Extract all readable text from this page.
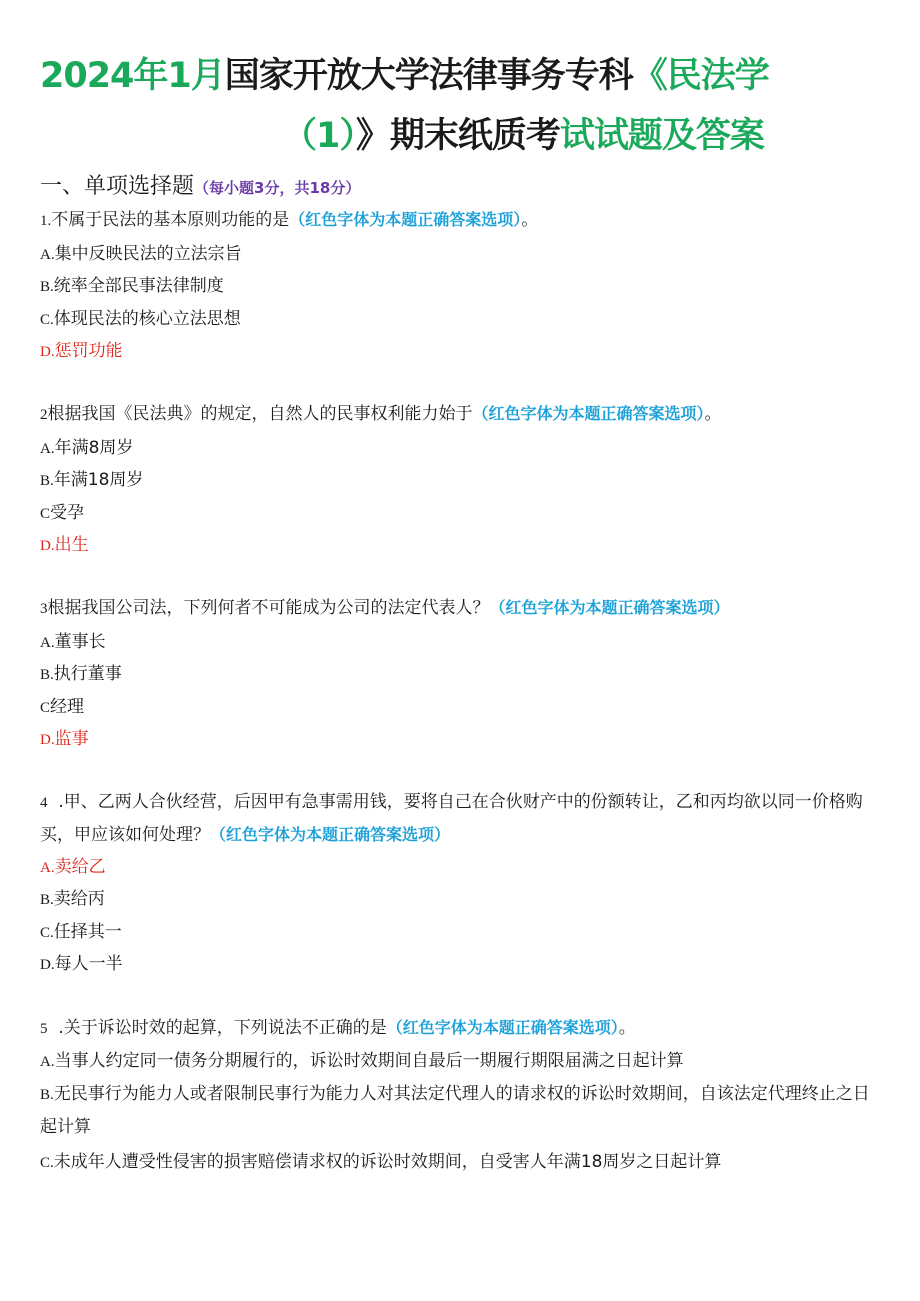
2024年1月国家开放大学法律事务专科《民法学
（1）》期末纸质考试试题及答案
一、单项选择题（每小题3分，共18分）
1.不属于民法的基本原则功能的是（红色字体为本题正确答案选项）。
A.集中反映民法的立法宗旨
B.统率全部民事法律制度
C.体现民法的核心立法思想
D.惩罚功能
2根据我国《民法典》的规定，自然人的民事权利能力始于（红色字体为本题正确答案选项）。
A.年满8周岁
B.年满18周岁
C受孕
D.出生
3根据我国公司法，下列何者不可能成为公司的法定代表人？（红色字体为本题正确答案选项）
A.董事长
B.执行董事
C经理
D.监事
4 .甲、乙两人合伙经营，后因甲有急事需用钱，要将自己在合伙财产中的份额转让，乙和丙均欲以同一价格购买，甲应该如何处理？（红色字体为本题正确答案选项）
A.卖给乙
B.卖给丙
C.任择其一
D.每人一半
5 .关于诉讼时效的起算，下列说法不正确的是（红色字体为本题正确答案选项）。
A.当事人约定同一债务分期履行的，诉讼时效期间自最后一期履行期限届满之日起计算
B.无民事行为能力人或者限制民事行为能力人对其法定代理人的请求权的诉讼时效期间，自该法定代理终止之日起计算
C.未成年人遭受性侵害的损害赔偿请求权的诉讼时效期间，自受害人年满18周岁之日起计算
